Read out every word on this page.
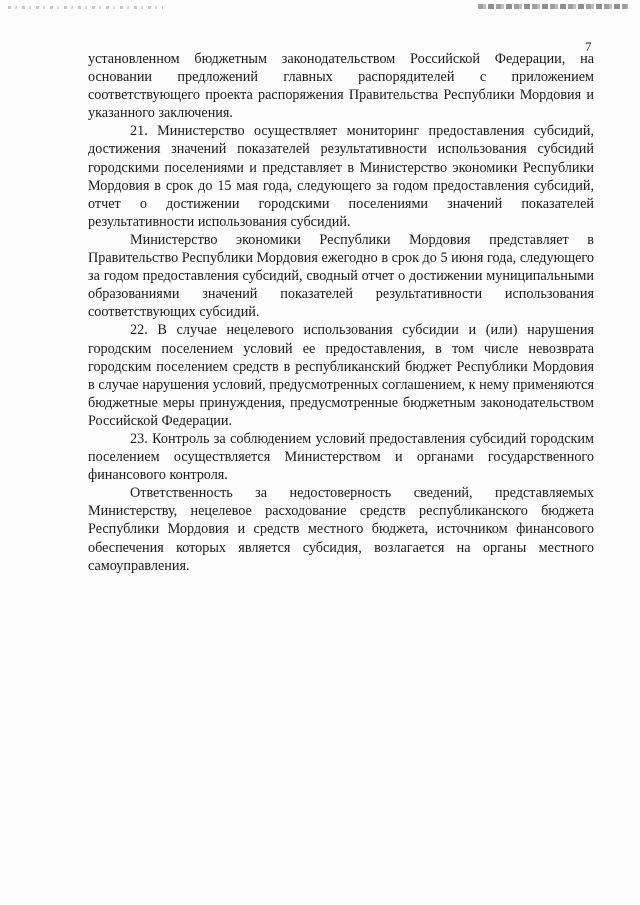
7

установленном бюджетным законодательством Российской Федерации, на основании предложений главных распорядителей с приложением соответствующего проекта распоряжения Правительства Республики Мордовия и указанного заключения.

21. Министерство осуществляет мониторинг предоставления субсидий, достижения значений показателей результативности использования субсидий городскими поселениями и представляет в Министерство экономики Республики Мордовия в срок до 15 мая года, следующего за годом предоставления субсидий, отчет о достижении городскими поселениями значений показателей результативности использования субсидий.

Министерство экономики Республики Мордовия представляет в Правительство Республики Мордовия ежегодно в срок до 5 июня года, следующего за годом предоставления субсидий, сводный отчет о достижении муниципальными образованиями значений показателей результативности использования соответствующих субсидий.

22. В случае нецелевого использования субсидии и (или) нарушения городским поселением условий ее предоставления, в том числе невозврата городским поселением средств в республиканский бюджет Республики Мордовия в случае нарушения условий, предусмотренных соглашением, к нему применяются бюджетные меры принуждения, предусмотренные бюджетным законодательством Российской Федерации.

23. Контроль за соблюдением условий предоставления субсидий городским поселением осуществляется Министерством и органами государственного финансового контроля.

Ответственность за недостоверность сведений, представляемых Министерству, нецелевое расходование средств республиканского бюджета Республики Мордовия и средств местного бюджета, источником финансового обеспечения которых является субсидия, возлагается на органы местного самоуправления.
